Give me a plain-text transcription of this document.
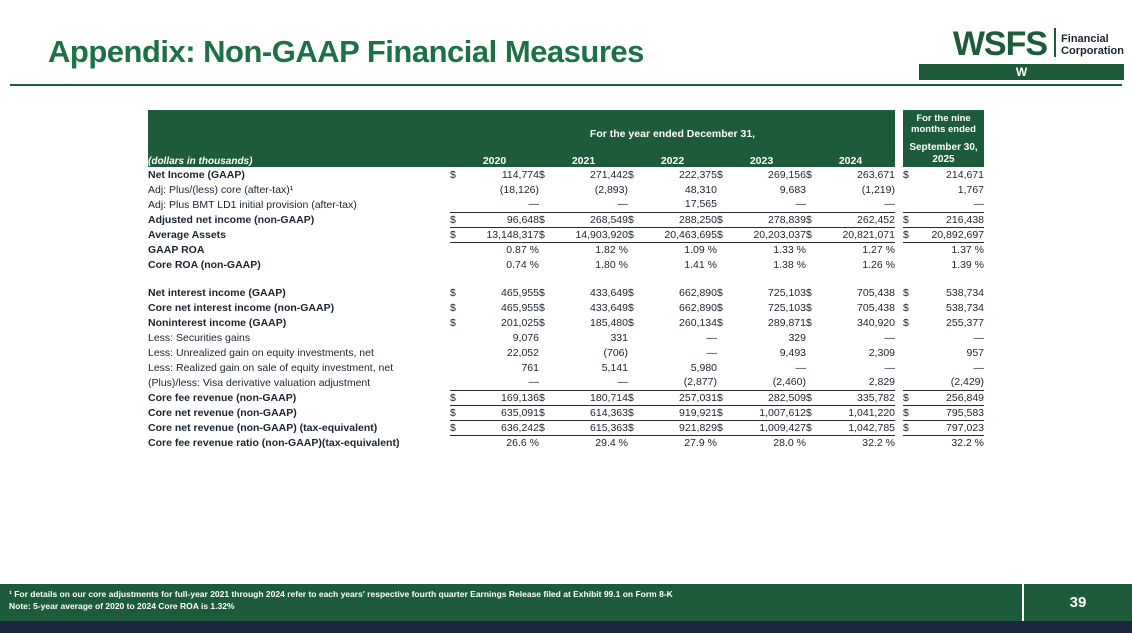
Appendix: Non-GAAP Financial Measures	WSFS Financial
Corporation
W
	For the year ended December 31,											For the nine months ended	
(dollars in thousands)	2020		2021		2022		2023		2024			September 30, 2025	
Net Income (GAAP)	$	114,774	$	271,442	$	222,375	$	269,156	$	263,671		$	214,671
Adj: Plus/(less) core (after-tax)¹		(18,126)		(2,893)		48,310		9,683		(1,219)			1,767
Adj: Plus BMT LD1 initial provision (after-tax)		—		—		17,565		—		—			—
Adjusted net income (non-GAAP)	$	96,648	$	268,549	$	288,250	$	278,839	$	262,452		$	216,438
Average Assets	$	13,148,317	$	14,903,920	$	20,463,695	$	20,203,037	$	20,821,071		$	20,892,697
GAAP ROA		0.87 %		1.82 %		1.09 %		1.33 %		1.27 %			1.37 %
Core ROA (non-GAAP)		0.74 %		1.80 %		1.41 %		1.38 %		1.26 %			1.39 %

Net interest income (GAAP)	$	465,955	$	433,649	$	662,890	$	725,103	$	705,438		$	538,734
Core net interest income (non-GAAP)	$	465,955	$	433,649	$	662,890	$	725,103	$	705,438		$	538,734
Noninterest income (GAAP)	$	201,025	$	185,480	$	260,134	$	289,871	$	340,920		$	255,377
Less: Securities gains		9,076		331		—		329		—			—
Less: Unrealized gain on equity investments, net		22,052		(706)		—		9,493		2,309			957
Less: Realized gain on sale of equity investment, net		761		5,141		5,980		—		—			—
(Plus)/less: Visa derivative valuation adjustment		—		—		(2,877)		(2,460)		2,829			(2,429)
Core fee revenue (non-GAAP)	$	169,136	$	180,714	$	257,031	$	282,509	$	335,782		$	256,849
Core net revenue (non-GAAP)	$	635,091	$	614,363	$	919,921	$	1,007,612	$	1,041,220		$	795,583
Core net revenue (non-GAAP) (tax-equivalent)	$	636,242	$	615,363	$	921,829	$	1,009,427	$	1,042,785		$	797,023
Core fee revenue ratio (non-GAAP)(tax-equivalent)		26.6 %		29.4 %		27.9 %		28.0 %		32.2 %			32.2 %
¹ For details on our core adjustments for full-year 2021 through 2024 refer to each years' respective fourth quarter Earnings Release filed at Exhibit 99.1 on Form 8-K
Note: 5-year average of 2020 to 2024 Core ROA is 1.32%	39
